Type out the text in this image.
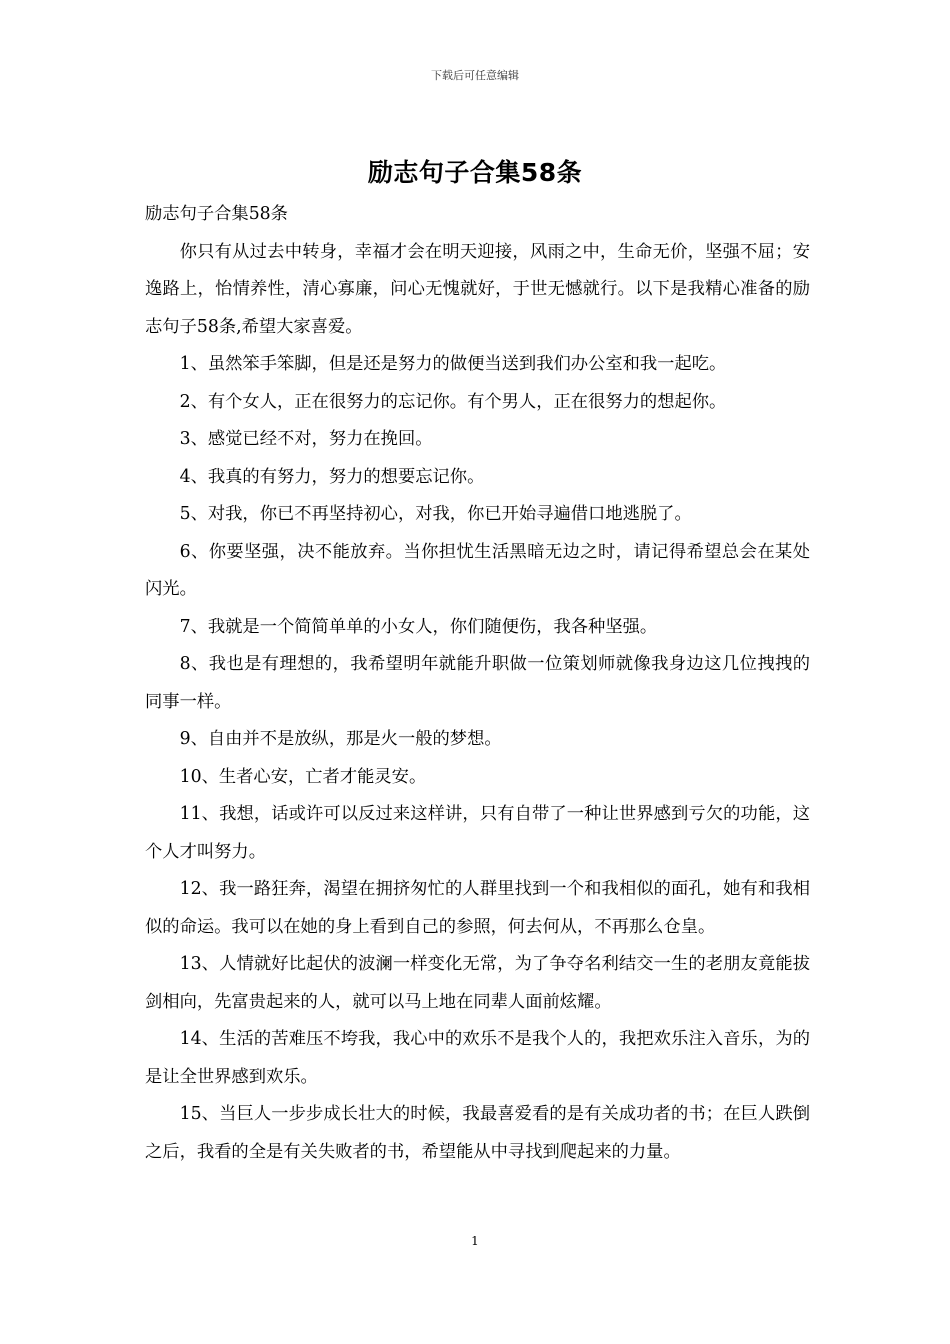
下载后可任意编辑
励志句子合集58条

励志句子合集58条

你只有从过去中转身，幸福才会在明天迎接，风雨之中，生命无价，坚强不屈；安逸路上，怡情养性，清心寡廉，问心无愧就好，于世无憾就行。以下是我精心准备的励志句子58条,希望大家喜爱。

1、虽然笨手笨脚，但是还是努力的做便当送到我们办公室和我一起吃。

2、有个女人，正在很努力的忘记你。有个男人，正在很努力的想起你。

3、感觉已经不对，努力在挽回。

4、我真的有努力，努力的想要忘记你。

5、对我，你已不再坚持初心，对我，你已开始寻遍借口地逃脱了。

6、你要坚强，决不能放弃。当你担忧生活黑暗无边之时，请记得希望总会在某处闪光。

7、我就是一个简简单单的小女人，你们随便伤，我各种坚强。

8、我也是有理想的，我希望明年就能升职做一位策划师就像我身边这几位拽拽的同事一样。

9、自由并不是放纵，那是火一般的梦想。

10、生者心安，亡者才能灵安。

11、我想，话或许可以反过来这样讲，只有自带了一种让世界感到亏欠的功能，这个人才叫努力。

12、我一路狂奔，渴望在拥挤匆忙的人群里找到一个和我相似的面孔，她有和我相似的命运。我可以在她的身上看到自己的参照，何去何从，不再那么仓皇。

13、人情就好比起伏的波澜一样变化无常，为了争夺名利结交一生的老朋友竟能拔剑相向，先富贵起来的人，就可以马上地在同辈人面前炫耀。

14、生活的苦难压不垮我，我心中的欢乐不是我个人的，我把欢乐注入音乐，为的是让全世界感到欢乐。

15、当巨人一步步成长壮大的时候，我最喜爱看的是有关成功者的书；在巨人跌倒之后，我看的全是有关失败者的书，希望能从中寻找到爬起来的力量。

1
